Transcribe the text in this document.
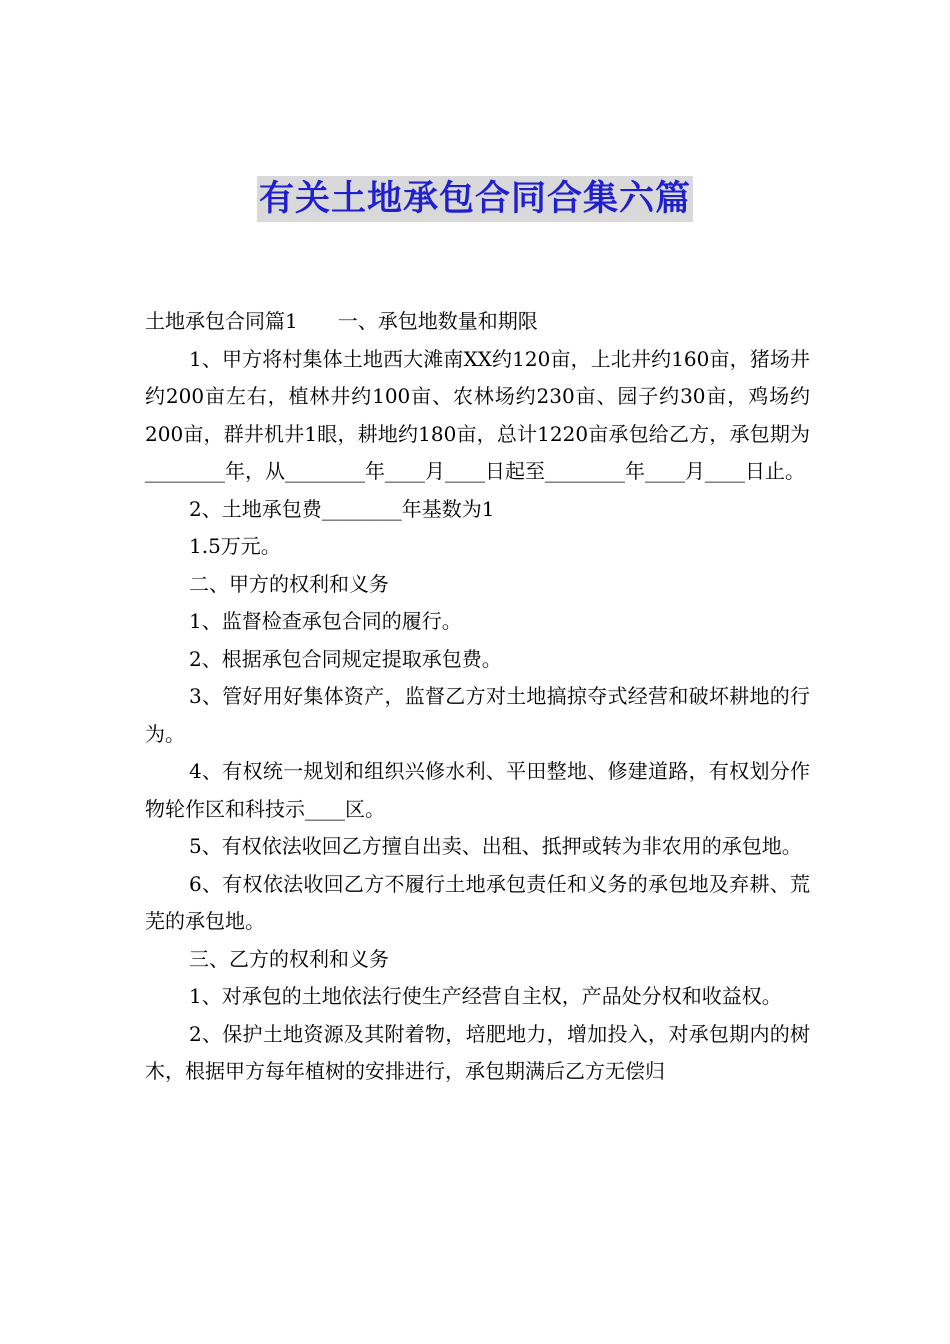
有关土地承包合同合集六篇

土地承包合同篇1 一、承包地数量和期限

1、甲方将村集体土地西大滩南XX约120亩，上北井约160亩，猪场井约200亩左右，植林井约100亩、农林场约230亩、园子约30亩，鸡场约200亩，群井机井1眼，耕地约180亩，总计1220亩承包给乙方，承包期为________年，从________年____月____日起至________年____月____日止。

2、土地承包费________年基数为1

1.5万元。

二、甲方的权利和义务

1、监督检查承包合同的履行。

2、根据承包合同规定提取承包费。

3、管好用好集体资产，监督乙方对土地搞掠夺式经营和破坏耕地的行为。

4、有权统一规划和组织兴修水利、平田整地、修建道路，有权划分作物轮作区和科技示____区。

5、有权依法收回乙方擅自出卖、出租、抵押或转为非农用的承包地。

6、有权依法收回乙方不履行土地承包责任和义务的承包地及弃耕、荒芜的承包地。

三、乙方的权利和义务

1、对承包的土地依法行使生产经营自主权，产品处分权和收益权。

2、保护土地资源及其附着物，培肥地力，增加投入，对承包期内的树木，根据甲方每年植树的安排进行，承包期满后乙方无偿归
